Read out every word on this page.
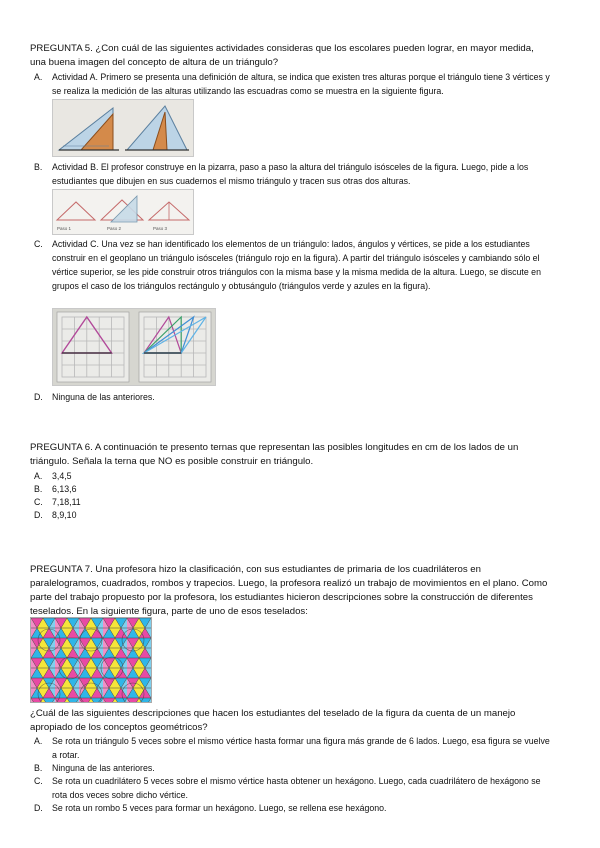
PREGUNTA 5. ¿Con cuál de las siguientes actividades consideras que los escolares pueden lograr, en mayor medida, una buena imagen del concepto de altura de un triángulo?
A. Actividad A. Primero se presenta una definición de altura, se indica que existen tres alturas porque el triángulo tiene 3 vértices y se realiza la medición de las alturas utilizando las escuadras como se muestra en la siguiente figura.
B. Actividad B. El profesor construye en la pizarra, paso a paso la altura del triángulo isósceles de la figura. Luego, pide a los estudiantes que dibujen en sus cuadernos el mismo triángulo y tracen sus otras dos alturas.
Paso 1	Paso 2	Paso 3
C. Actividad C. Una vez se han identificado los elementos de un triángulo: lados, ángulos y vértices, se pide a los estudiantes construir en el geoplano un triángulo isósceles (triángulo rojo en la figura). A partir del triángulo isósceles y cambiando sólo el vértice superior, se les pide construir otros triángulos con la misma base y la misma medida de la altura. Luego, se discute en grupos el caso de los triángulos rectángulo y obtusángulo (triángulos verde y azules en la figura).
D. Ninguna de las anteriores.
PREGUNTA 6. A continuación te presento ternas que representan las posibles longitudes en cm de los lados de un triángulo. Señala la terna que NO es posible construir en triángulo.
A. 3,4,5
B. 6,13,6
C. 7,18,11
D. 8,9,10
PREGUNTA 7. Una profesora hizo la clasificación, con sus estudiantes de primaria de los cuadriláteros en paralelogramos, cuadrados, rombos y trapecios. Luego, la profesora realizó un trabajo de movimientos en el plano. Como parte del trabajo propuesto por la profesora, los estudiantes hicieron descripciones sobre la construcción de diferentes teselados. En la siguiente figura, parte de uno de esos teselados:
¿Cuál de las siguientes descripciones que hacen los estudiantes del teselado de la figura da cuenta de un manejo apropiado de los conceptos geométricos?
A. Se rota un triángulo 5 veces sobre el mismo vértice hasta formar una figura más grande de 6 lados. Luego, esa figura se vuelve a rotar.
B. Ninguna de las anteriores.
C. Se rota un cuadrilátero 5 veces sobre el mismo vértice hasta obtener un hexágono. Luego, cada cuadrilátero de hexágono se rota dos veces sobre dicho vértice.
D. Se rota un rombo 5 veces para formar un hexágono. Luego, se rellena ese hexágono.
